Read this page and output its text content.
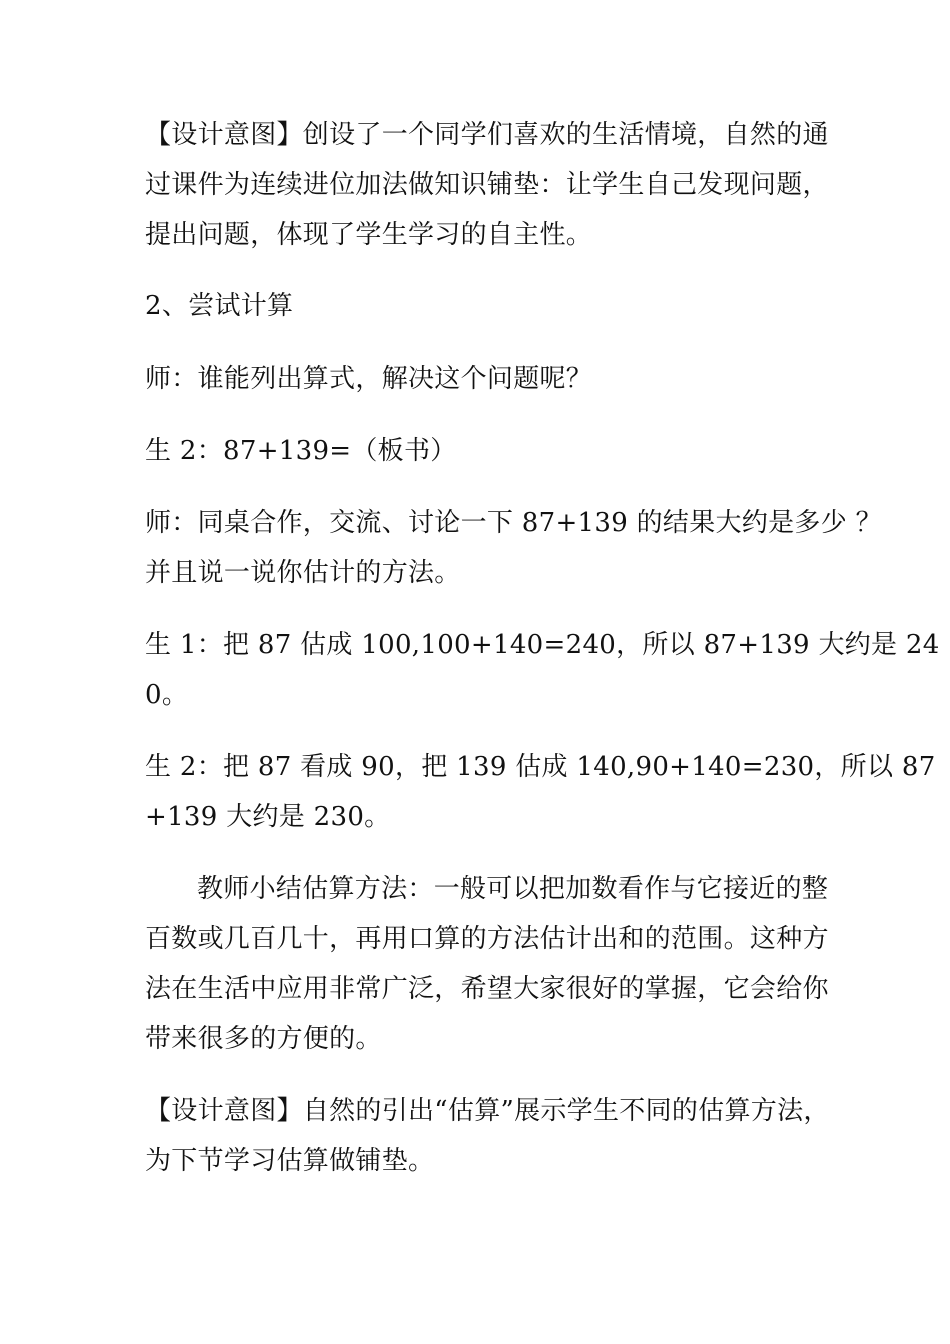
【设计意图】创设了一个同学们喜欢的生活情境，自然的通
过课件为连续进位加法做知识铺垫：让学生自己发现问题，
提出问题，体现了学生学习的自主性。
2、尝试计算
师：谁能列出算式，解决这个问题呢？
生 2：87+139=（板书）
师：同桌合作，交流、讨论一下 87+139 的结果大约是多少 ？
并且说一说你估计的方法。
生 1：把 87 估成 100,100+140=240，所以 87+139 大约是 24
0。
生 2：把 87 看成 90，把 139 估成 140,90+140=230，所以 87
+139 大约是 230。
教师小结估算方法：一般可以把加数看作与它接近的整
百数或几百几十，再用口算的方法估计出和的范围。这种方
法在生活中应用非常广泛，希望大家很好的掌握，它会给你
带来很多的方便的。
【设计意图】自然的引出“估算”展示学生不同的估算方法，
为下节学习估算做铺垫。
